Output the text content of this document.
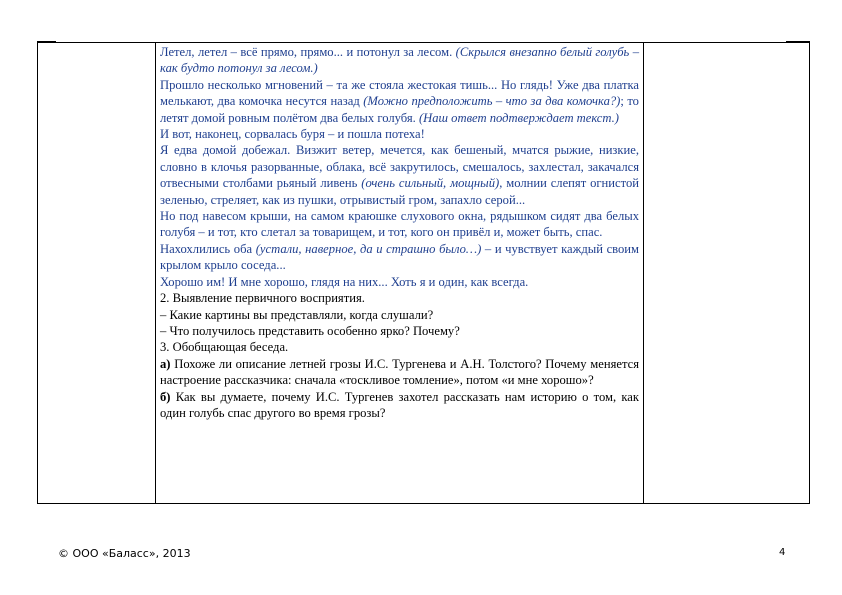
Летел, летел – всё прямо, прямо... и потонул за лесом. (Скрылся внезапно белый голубь – как будто потонул за лесом.)

Прошло несколько мгновений – та же стояла жестокая тишь... Но глядь! Уже два платка мелькают, два комочка несутся назад (Можно предположить – что за два комочка?); то летят домой ровным полётом два белых голубя. (Наш ответ подтверждает текст.)

И вот, наконец, сорвалась буря – и пошла потеха!

Я едва домой добежал. Визжит ветер, мечется, как бешеный, мчатся рыжие, низкие, словно в клочья разорванные, облака, всё закрутилось, смешалось, захлестал, закачался отвесными столбами рьяный ливень (очень сильный, мощный), молнии слепят огнистой зеленью, стреляет, как из пушки, отрывистый гром, запахло серой...

Но под навесом крыши, на самом краюшке слухового окна, рядышком сидят два белых голубя – и тот, кто слетал за товарищем, и тот, кого он привёл и, может быть, спас.

Нахохлились оба (устали, наверное, да и страшно было…) – и чувствует каждый своим крылом крыло соседа...

Хорошо им! И мне хорошо, глядя на них... Хоть я и один, как всегда.

2. Выявление первичного восприятия.

– Какие картины вы представляли, когда слушали?

– Что получилось представить особенно ярко? Почему?

3. Обобщающая беседа.

а) Похоже ли описание летней грозы И.С. Тургенева и А.Н. Толстого? Почему меняется настроение рассказчика: сначала «тоскливое томление», потом «и мне хорошо»?

б) Как вы думаете, почему И.С. Тургенев захотел рассказать нам историю о том, как один голубь спас другого во время грозы?

© ООО «Баласс», 2013	4
